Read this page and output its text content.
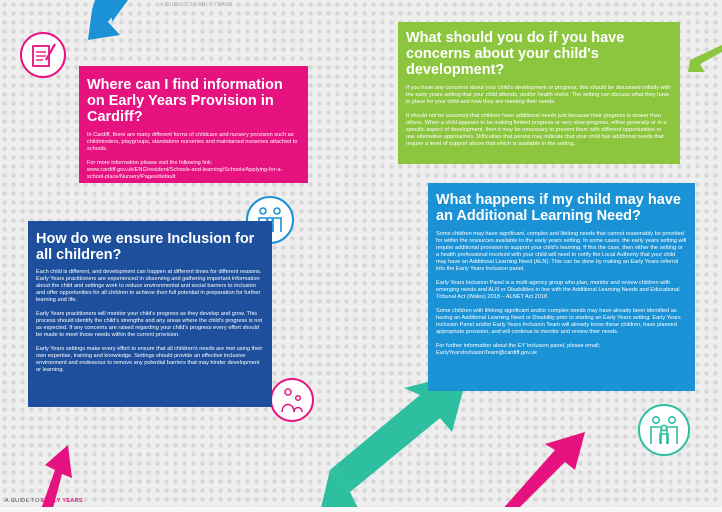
A GUIDE TO EARLY YEARS
Where can I find information on Early Years Provision in Cardiff?

In Cardiff, there are many different forms of childcare and nursery provision such as childminders, playgroups, standalone nurseries and maintained nurseries attached to schools.

For more information please visit the following link:

www.cardiff.gov.uk/ENG/resident/Schools-and-learning/Schools/Applying-for-a-school-place/Nursery/Pages/default

What should you do if you have concerns about your child's development?

If you have any concerns about your child's development or progress, this should be discussed initially with the early years setting that your child attends, and/or health visitor. The setting can discuss what they have in place for your child and how they are meeting their needs.

It should not be assumed that children have additional needs just because their progress is slower than others. When a child appears to be making limited progress or very slow progress, either generally or in a specific aspect of development, then it may be necessary to present them with different opportunities or use alternative approaches. Difficulties that persist may indicate that your child has additional needs that require a level of support above that which is available in the setting.

How do we ensure Inclusion for all children?

Each child is different, and development can happen at different times for different reasons. Early Years practitioners are experienced in observing and gathering important information about the child and settings work to reduce environmental and social barriers to inclusion and offer opportunities for all children to achieve their full potential in preparation for further learning and life.

Early Years practitioners will monitor your child's progress as they develop and grow. This process should identify the child's strengths and any areas where the child's progress is not as expected. If any concerns are raised regarding your child's progress every effort should be made to meet those needs within the current provision.

Early Years settings make every effort to ensure that all children's needs are met using their own expertise, training and knowledge. Settings should provide an effective inclusive environment and endeavour to remove any potential barriers that may hinder development or learning.

What happens if my child may have an Additional Learning Need?

Some children may have significant, complex and lifelong needs that cannot reasonably be provided for within the resources available to the early years setting. In some cases, the early years setting will require additional provision to support your child's learning. If this the case, then either the setting or a health professional involved with your child will need to notify the Local Authority that your child may have an Additional Learning Need (ALN). This can be done by making an Early Years referral into the Early Years Inclusion panel.

Early Years Inclusion Panel is a multi-agency group who plan, monitor and review children with emerging needs and ALN or Disabilities in line with the Additional Learning Needs and Educational Tribunal Act (Wales) 2018 – ALNET Act 2018

Some children with lifelong significant and/or complex needs may have already been identified as having an Additional Learning Need or Disability prior to starting an Early Years setting. Early Years Inclusion Panel and/or Early Years Inclusion Team will already know these children, have planned appropriate provision, and will continue to monitor and review their needs.

For further information about the EY Inclusion panel, please email;

EarlyYearsInclusionTeam@cardiff.gov.uk

A GUIDE TO EARLY YEARS
